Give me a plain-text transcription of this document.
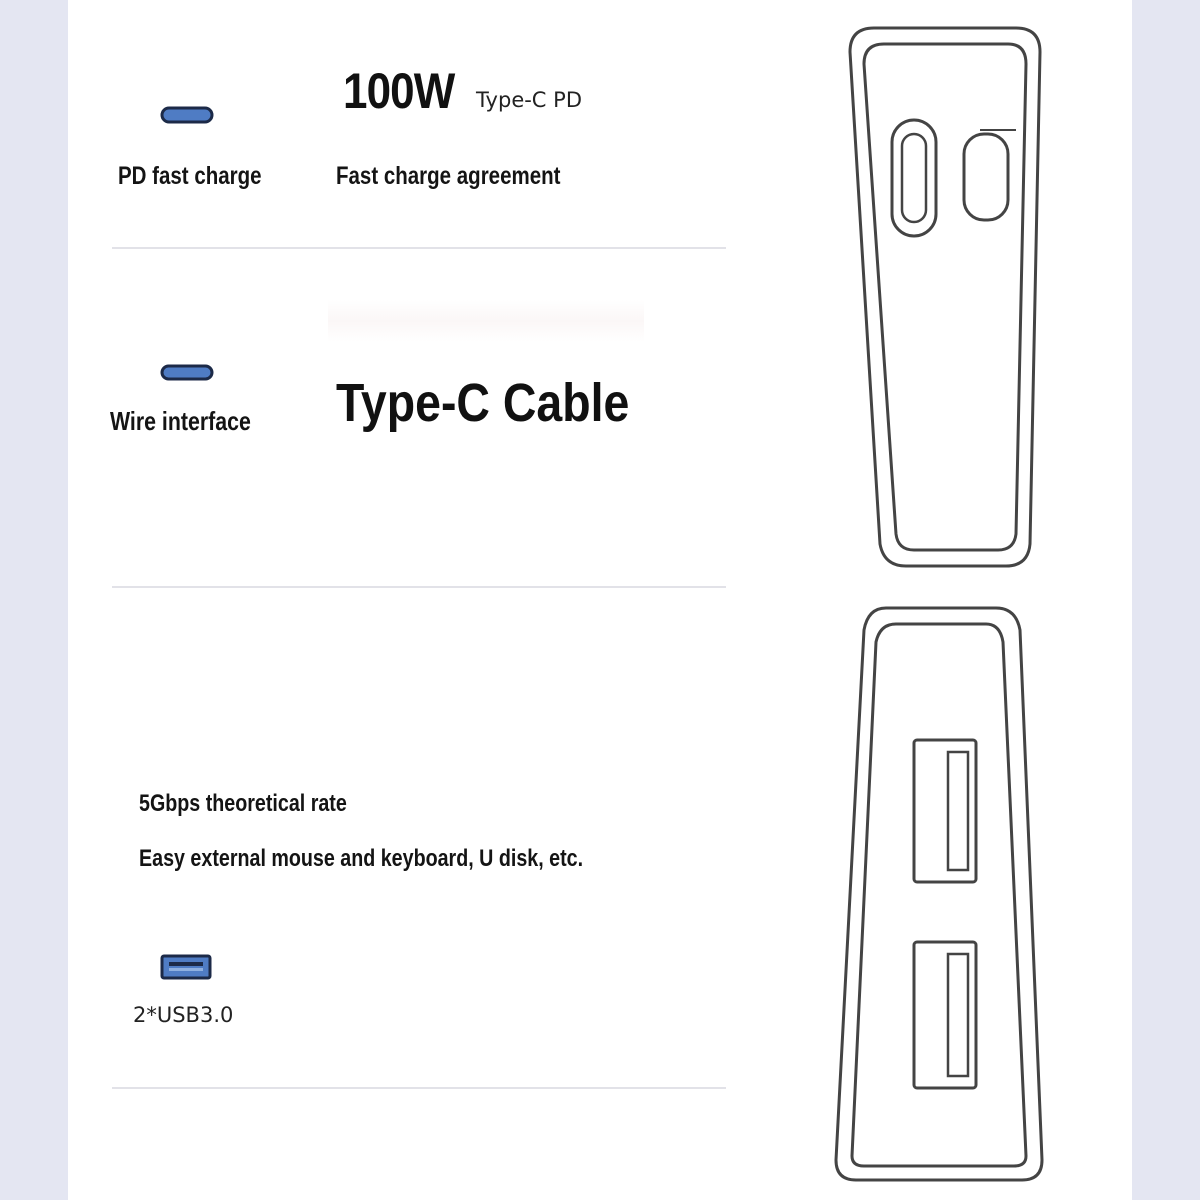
PD fast charge
100W Type-C PD
Fast charge agreement
Wire interface Type-C Cable
5Gbps theoretical rate
Easy external mouse and keyboard, U disk, etc.
2*USB3.0
